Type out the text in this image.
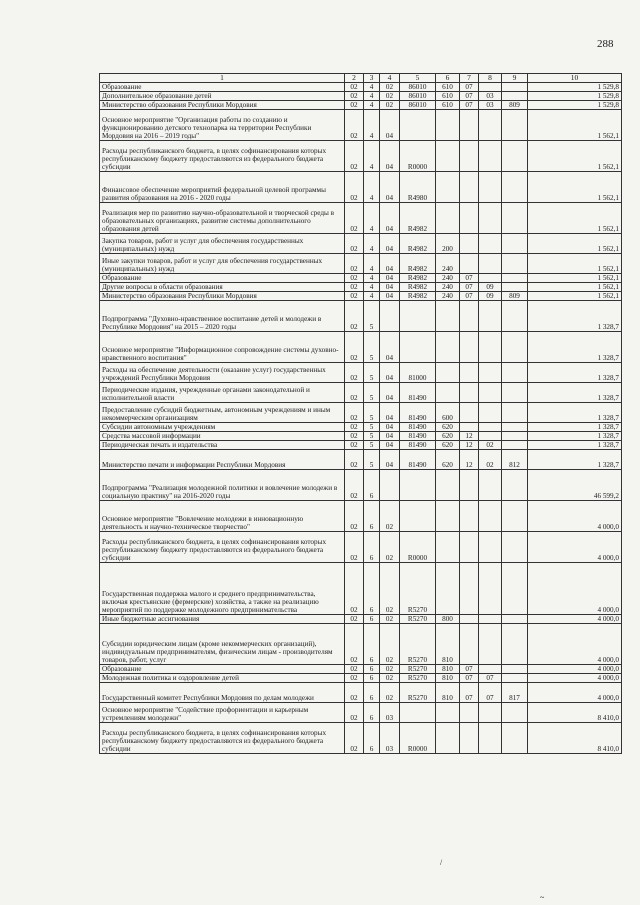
288
1	2	3	4	5	6	7	8	9	10
Образование	02	4	02	86010	610	07			1 529,8
Дополнительное образование детей	02	4	02	86010	610	07	03		1 529,8
Министерство образования Республики Мордовия	02	4	02	86010	610	07	03	809	1 529,8
Основное мероприятие "Организация работы по созданию и функционированию детского технопарка на территории Республики Мордовия на 2016 – 2019 годы"	02	4	04						1 562,1
Расходы республиканского бюджета, в целях софинансирования которых республиканскому бюджету предоставляются из федерального бюджета субсидии	02	4	04	R0000					1 562,1
Финансовое обеспечение мероприятий федеральной целевой программы развития образования на 2016 - 2020 годы	02	4	04	R4980					1 562,1
Реализация мер по развитию научно-образовательной и творческой среды в образовательных организациях, развитие системы дополнительного образования детей	02	4	04	R4982					1 562,1
Закупка товаров, работ и услуг для обеспечения государственных (муниципальных) нужд	02	4	04	R4982	200				1 562,1
Иные закупки товаров, работ и услуг для обеспечения государственных (муниципальных) нужд	02	4	04	R4982	240				1 562,1
Образование	02	4	04	R4982	240	07			1 562,1
Другие вопросы в области образования	02	4	04	R4982	240	07	09		1 562,1
Министерство образования Республики Мордовия	02	4	04	R4982	240	07	09	809	1 562,1
Подпрограмма "Духовно-нравственное воспитание детей и молодежи в Республике Мордовия" на 2015 – 2020 годы	02	5							1 328,7
Основное мероприятие "Информационное сопровождение системы духовно-нравственного воспитания"	02	5	04						1 328,7
Расходы на обеспечение деятельности (оказание услуг) государственных учреждений Республики Мордовия	02	5	04	81000					1 328,7
Периодические издания, учрежденные органами законодательной и исполнительной власти	02	5	04	81490					1 328,7
Предоставление субсидий бюджетным, автономным учреждениям и иным некоммерческим организациям	02	5	04	81490	600				1 328,7
Субсидии автономным учреждениям	02	5	04	81490	620				1 328,7
Средства массовой информации	02	5	04	81490	620	12			1 328,7
Периодическая печать и издательства	02	5	04	81490	620	12	02		1 328,7
Министерство печати и информации Республики Мордовия	02	5	04	81490	620	12	02	812	1 328,7
Подпрограмма "Реализация молодежной политики и вовлечение молодежи в социальную практику" на 2016-2020 годы	02	6							46 599,2
Основное мероприятие "Вовлечение молодежи в инновационную деятельность и научно-техническое творчество"	02	6	02						4 000,0
Расходы республиканского бюджета, в целях софинансирования которых республиканскому бюджету предоставляются из федерального бюджета субсидии	02	6	02	R0000					4 000,0
Государственная поддержка малого и среднего предпринимательства, включая крестьянские (фермерские) хозяйства, а также на реализацию мероприятий по поддержке молодежного предпринимательства	02	6	02	R5270					4 000,0
Иные бюджетные ассигнования	02	6	02	R5270	800				4 000,0
Субсидии юридическим лицам (кроме некоммерческих организаций), индивидуальным предпринимателям, физическим лицам - производителям товаров, работ, услуг	02	6	02	R5270	810				4 000,0
Образование	02	6	02	R5270	810	07			4 000,0
Молодежная политика и оздоровление детей	02	6	02	R5270	810	07	07		4 000,0
Государственный комитет Республики Мордовия по делам молодежи	02	6	02	R5270	810	07	07	817	4 000,0
Основное мероприятие "Содействие профориентации и карьерным устремлениям молодежи"	02	6	03						8 410,0
Расходы республиканского бюджета, в целях софинансирования которых республиканскому бюджету предоставляются из федерального бюджета субсидии	02	6	03	R0000					8 410,0
/
~
